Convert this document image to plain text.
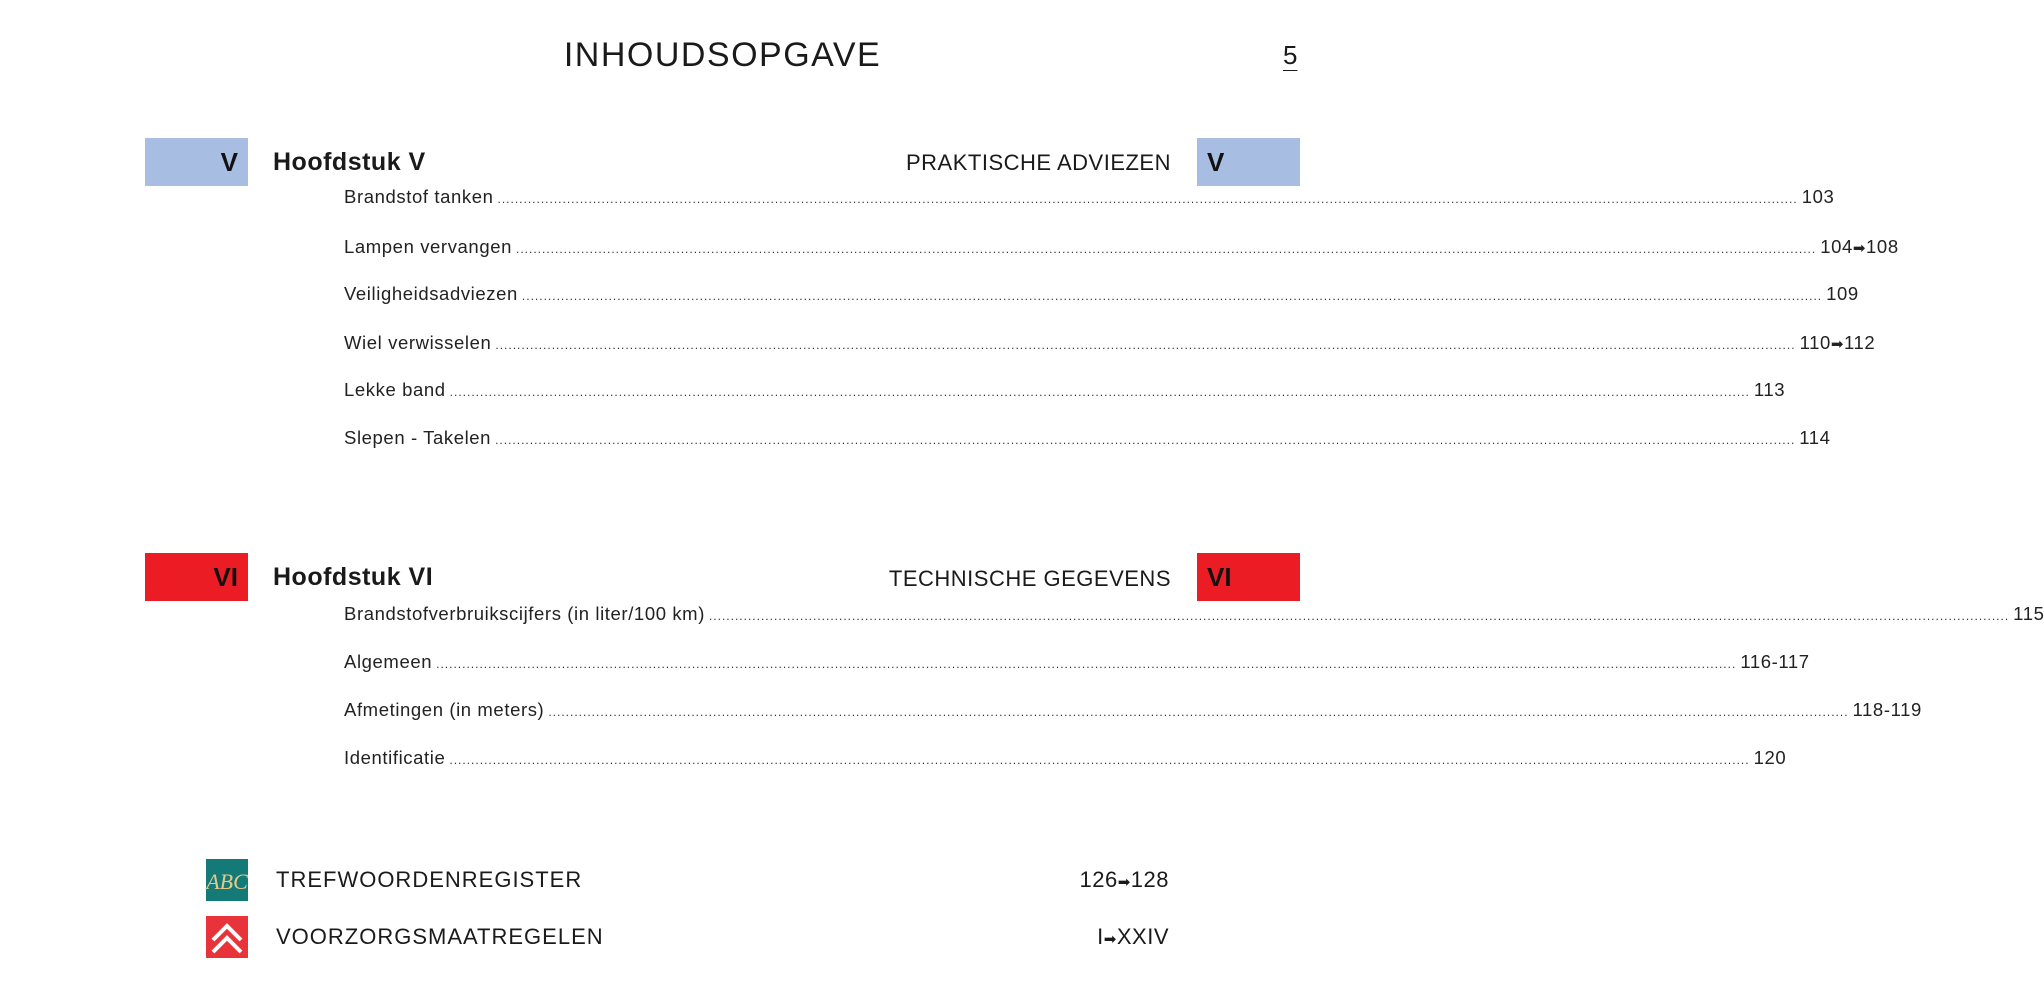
INHOUDSOPGAVE	5
V	V
Hoofdstuk V	PRAKTISCHE ADVIEZEN
Brandstof tanken ............................................................................................................................................................................................................................................................................................................ 103
Lampen vervangen ............................................................................................................................................................................................................................................................................................................ 104➡108
Veiligheidsadviezen ............................................................................................................................................................................................................................................................................................................ 109
Wiel verwisselen ............................................................................................................................................................................................................................................................................................................ 110➡112
Lekke band ............................................................................................................................................................................................................................................................................................................ 113
Slepen - Takelen ............................................................................................................................................................................................................................................................................................................ 114
VI	VI
Hoofdstuk VI	TECHNISCHE GEGEVENS
Brandstofverbruikscijfers (in liter/100 km) ............................................................................................................................................................................................................................................................................................................ 115
Algemeen ............................................................................................................................................................................................................................................................................................................ 116-117
Afmetingen (in meters) ............................................................................................................................................................................................................................................................................................................ 118-119
Identificatie ............................................................................................................................................................................................................................................................................................................ 120
ABC TREFWOORDENREGISTER	126➡128
VOORZORGSMAATREGELEN	I➡XXIV
